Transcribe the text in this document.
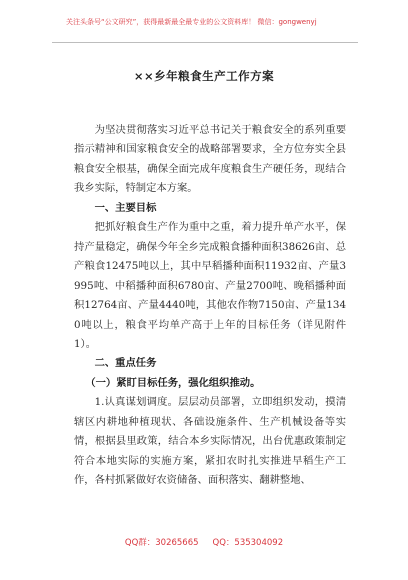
关注头条号“公文研究”，获得最新最全最专业的公文资料库！ 微信：gongwenyj
××乡年粮食生产工作方案

为坚决贯彻落实习近平总书记关于粮食安全的系列重要指示精神和国家粮食安全的战略部署要求，全方位夯实全县粮食安全根基，确保全面完成年度粮食生产硬任务，现结合我乡实际，特制定本方案。

一、主要目标

把抓好粮食生产作为重中之重，着力提升单产水平，保持产量稳定，确保今年全乡完成粮食播种面积38626亩、总产粮食12475吨以上，其中早稻播种面积11932亩、产量3995吨、中稻播种面积6780亩、产量2700吨、晚稻播种面积12764亩、产量4440吨，其他农作物7150亩、产量1340吨以上，粮食平均单产高于上年的目标任务（详见附件1）。

二、重点任务

（一）紧盯目标任务，强化组织推动。

1.认真谋划调度。层层动员部署，立即组织发动，摸清辖区内耕地种植现状、各础设施条件、生产机械设备等实情，根据县里政策，结合本乡实际情况，出台优惠政策制定符合本地实际的实施方案，紧扣农时扎实推进早稻生产工作，各村抓紧做好农资储备、面积落实、翻耕整地、

QQ群：30265665 QQ：535304092
